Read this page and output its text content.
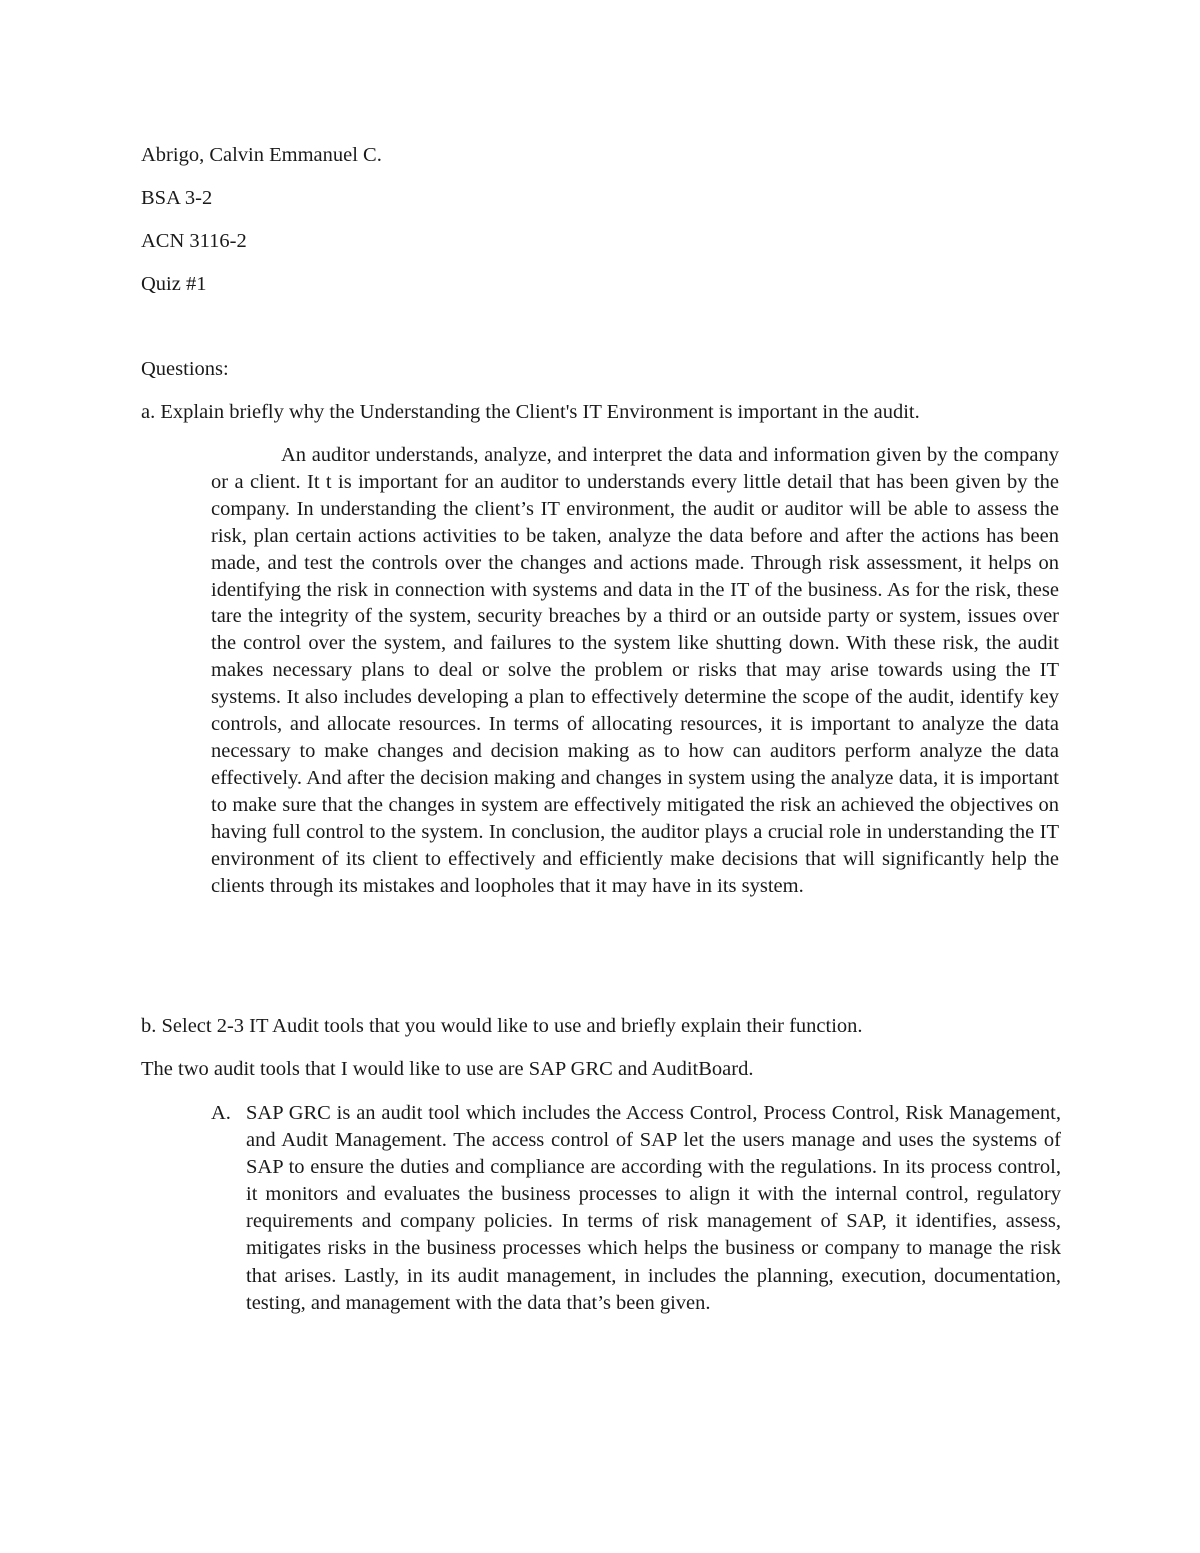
Abrigo, Calvin Emmanuel C.
BSA 3-2
ACN 3116-2
Quiz #1
Questions:
a. Explain briefly why the Understanding the Client's IT Environment is important in the audit.

An auditor understands, analyze, and interpret the data and information given by the company or a client. It t is important for an auditor to understands every little detail that has been given by the company. In understanding the client’s IT environment, the audit or auditor will be able to assess the risk, plan certain actions activities to be taken, analyze the data before and after the actions has been made, and test the controls over the changes and actions made. Through risk assessment, it helps on identifying the risk in connection with systems and data in the IT of the business. As for the risk, these tare the integrity of the system, security breaches by a third or an outside party or system, issues over the control over the system, and failures to the system like shutting down. With these risk, the audit makes necessary plans to deal or solve the problem or risks that may arise towards using the IT systems. It also includes developing a plan to effectively determine the scope of the audit, identify key controls, and allocate resources. In terms of allocating resources, it is important to analyze the data necessary to make changes and decision making as to how can auditors perform analyze the data effectively. And after the decision making and changes in system using the analyze data, it is important to make sure that the changes in system are effectively mitigated the risk an achieved the objectives on having full control to the system. In conclusion, the auditor plays a crucial role in understanding the IT environment of its client to effectively and efficiently make decisions that will significantly help the clients through its mistakes and loopholes that it may have in its system.

b. Select 2-3 IT Audit tools that you would like to use and briefly explain their function.
The two audit tools that I would like to use are SAP GRC and AuditBoard.
A. SAP GRC is an audit tool which includes the Access Control, Process Control, Risk Management, and Audit Management. The access control of SAP let the users manage and uses the systems of SAP to ensure the duties and compliance are according with the regulations. In its process control, it monitors and evaluates the business processes to align it with the internal control, regulatory requirements and company policies. In terms of risk management of SAP, it identifies, assess, mitigates risks in the business processes which helps the business or company to manage the risk that arises. Lastly, in its audit management, in includes the planning, execution, documentation, testing, and management with the data that’s been given.
